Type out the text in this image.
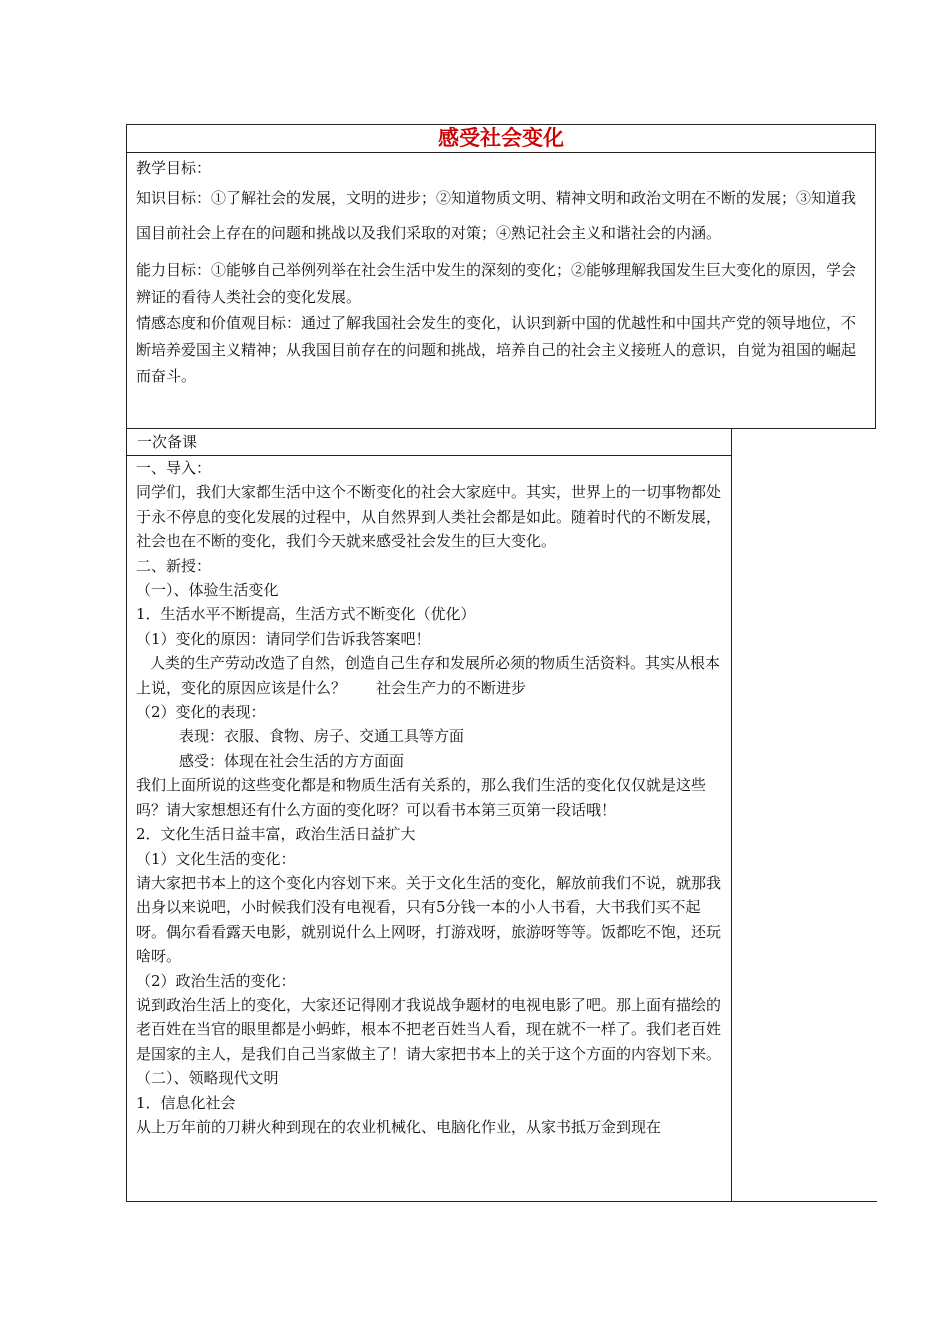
感受社会变化

教学目标：

知识目标：①了解社会的发展，文明的进步；②知道物质文明、精神文明和政治文明在不断的发展；③知道我国目前社会上存在的问题和挑战以及我们采取的对策；④熟记社会主义和谐社会的内涵。

能力目标：①能够自己举例列举在社会生活中发生的深刻的变化；②能够理解我国发生巨大变化的原因，学会辨证的看待人类社会的变化发展。

情感态度和价值观目标：通过了解我国社会发生的变化，认识到新中国的优越性和中国共产党的领导地位，不断培养爱国主义精神；从我国目前存在的问题和挑战，培养自己的社会主义接班人的意识，自觉为祖国的崛起而奋斗。

一次备课

一、导入：

同学们，我们大家都生活中这个不断变化的社会大家庭中。其实，世界上的一切事物都处于永不停息的变化发展的过程中，从自然界到人类社会都是如此。随着时代的不断发展，社会也在不断的变化，我们今天就来感受社会发生的巨大变化。

二、新授：

（一）、体验生活变化

1．生活水平不断提高，生活方式不断变化（优化）

（1）变化的原因：请同学们告诉我答案吧！

人类的生产劳动改造了自然，创造自己生存和发展所必须的物质生活资料。其实从根本上说，变化的原因应该是什么？　　社会生产力的不断进步

（2）变化的表现：

表现：衣服、食物、房子、交通工具等方面

感受：体现在社会生活的方方面面

我们上面所说的这些变化都是和物质生活有关系的，那么我们生活的变化仅仅就是这些吗？请大家想想还有什么方面的变化呀？可以看书本第三页第一段话哦！

2．文化生活日益丰富，政治生活日益扩大

（1）文化生活的变化：

请大家把书本上的这个变化内容划下来。关于文化生活的变化，解放前我们不说，就那我出身以来说吧，小时候我们没有电视看，只有5分钱一本的小人书看，大书我们买不起呀。偶尔看看露天电影，就别说什么上网呀，打游戏呀，旅游呀等等。饭都吃不饱，还玩啥呀。

（2）政治生活的变化：

说到政治生活上的变化，大家还记得刚才我说战争题材的电视电影了吧。那上面有描绘的老百姓在当官的眼里都是小蚂蚱，根本不把老百姓当人看，现在就不一样了。我们老百姓是国家的主人，是我们自己当家做主了！请大家把书本上的关于这个方面的内容划下来。

（二）、领略现代文明

1．信息化社会

从上万年前的刀耕火种到现在的农业机械化、电脑化作业，从家书抵万金到现在
